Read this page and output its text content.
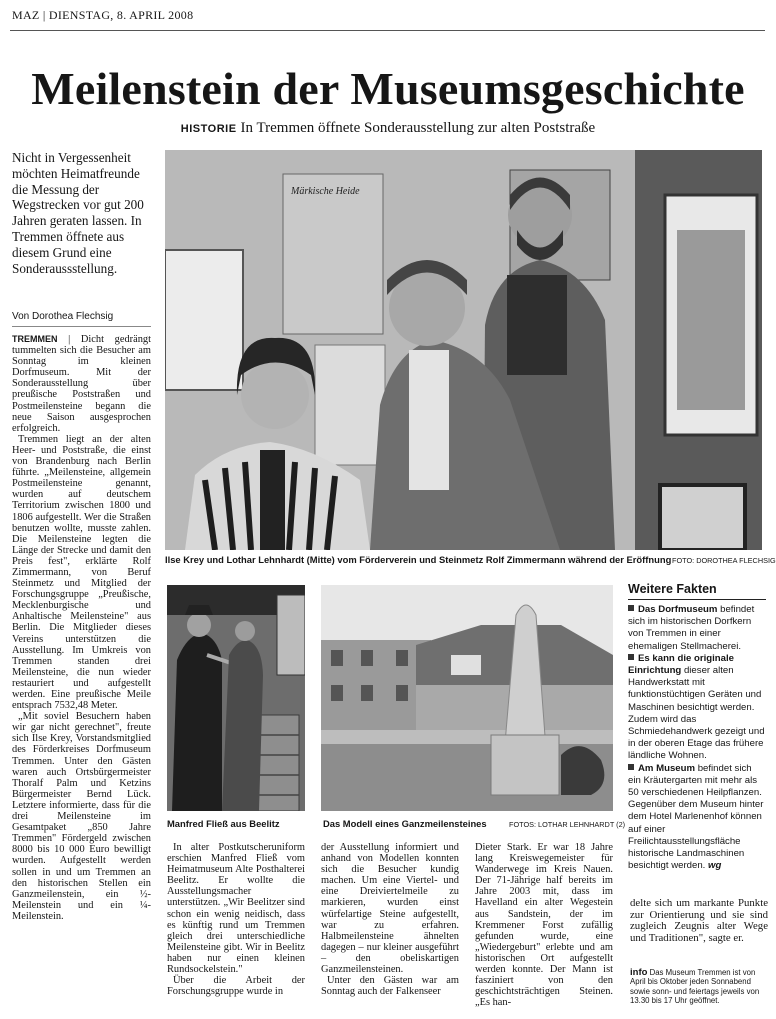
MAZ | DIENSTAG, 8. APRIL 2008
Meilenstein der Museumsgeschichte
HISTORIE In Tremmen öffnete Sonderausstellung zur alten Poststraße
Nicht in Vergessenheit möchten Heimatfreunde die Messung der Wegstrecken vor gut 200 Jahren geraten lassen. In Tremmen öffnete aus diesem Grund eine Sonderaussstellung.
Von Dorothea Flechsig

TREMMEN | Dicht gedrängt tummelten sich die Besucher am Sonntag im kleinen Dorfmuseum. Mit der Sonderausstellung über preußische Poststraßen und Postmeilensteine begann die neue Saison ausgesprochen erfolgreich.

Tremmen liegt an der alten Heer- und Poststraße, die einst von Brandenburg nach Berlin führte. „Meilensteine, allgemein Postmeilensteine genannt, wurden auf deutschem Territorium zwischen 1800 und 1806 aufgestellt. Wer die Straßen benutzen wollte, musste zahlen. Die Meilensteine legten die Länge der Strecke und damit den Preis fest", erklärte Rolf Zimmermann, von Beruf Steinmetz und Mitglied der Forschungsgruppe „Preußische, Mecklenburgische und Anhaltische Meilensteine" aus Berlin. Die Mitglieder dieses Vereins unterstützen die Ausstellung. Im Umkreis von Tremmen standen drei Meilensteine, die nun wieder restauriert und aufgestellt werden. Eine preußische Meile entsprach 7532,48 Meter.

„Mit soviel Besuchern haben wir gar nicht gerechnet", freute sich Ilse Krey, Vorstandsmitglied des Förderkreises Dorfmuseum Tremmen. Unter den Gästen waren auch Ortsbürgermeister Thoralf Palm und Ketzins Bürgermeister Bernd Lück. Letztere informierte, dass für die drei Meilensteine im Gesamtpaket „850 Jahre Tremmen" Fördergeld zwischen 8000 bis 10 000 Euro bewilligt wurden. Aufgestellt werden sollen in und um Tremmen an den historischen Stellen ein Ganzmeilenstein, ein ½-Meilenstein und ein ¼-Meilenstein.

Märkische Heide
Ilse Krey und Lothar Lehnhardt (Mitte) vom Förderverein und Steinmetz Rolf Zimmermann während der Eröffnung FOTO: DOROTHEA FLECHSIG
Manfred Fließ aus Beelitz	Das Modell eines Ganzmeilensteines	FOTOS: LOTHAR LEHNHARDT (2)

In alter Postkutscheruniform erschien Manfred Fließ vom Heimatmuseum Alte Posthalterei Beelitz. Er wollte die Ausstellungsmacher unterstützen. „Wir Beelitzer sind schon ein wenig neidisch, dass es künftig rund um Tremmen gleich drei unterschiedliche Meilensteine gibt. Wir in Beelitz haben nur einen kleinen Rundsockelstein."

Über die Arbeit der Forschungsgruppe wurde in

der Ausstellung informiert und anhand von Modellen konnten sich die Besucher kundig machen. Um eine Viertel- und eine Dreiviertelmeile zu markieren, wurden einst würfelartige Steine aufgestellt, war zu erfahren. Halbmeilensteine ähnelten dagegen – nur kleiner ausgeführt – den obeliskartigen Ganzmeilensteinen.

Unter den Gästen war am Sonntag auch der Falkenseer

Dieter Stark. Er war 18 Jahre lang Kreiswegemeister für Wanderwege im Kreis Nauen. Der 71-Jährige half bereits im Jahre 2003 mit, dass im Havelland ein alter Wegestein aus Sandstein, der im Kremmener Forst zufällig gefunden wurde, eine „Wiedergeburt" erlebte und am historischen Ort aufgestellt werden konnte. Der Mann ist fasziniert von den geschichtsträchtigen Steinen. „Es han-

Weitere Fakten

Das Dorfmuseum befindet sich im historischen Dorfkern von Tremmen in einer ehemaligen Stellmacherei.

Es kann die originale Einrichtung dieser alten Handwerkstatt mit funktionstüchtigen Geräten und Maschinen besichtigt werden. Zudem wird das Schmiedehandwerk gezeigt und in der oberen Etage das frühere ländliche Wohnen.

Am Museum befindet sich ein Kräutergarten mit mehr als 50 verschiedenen Heilpflanzen. Gegenüber dem Museum hinter dem Hotel Marlenenhof können auf einer Freilichtausstellungsfläche historische Landmaschinen besichtigt werden. wg

delte sich um markante Punkte zur Orientierung und sie sind zugleich Zeugnis alter Wege und Traditionen", sagte er.

info Das Museum Tremmen ist von April bis Oktober jeden Sonnabend sowie sonn- und feiertags jeweils von 13.30 bis 17 Uhr geöffnet.
